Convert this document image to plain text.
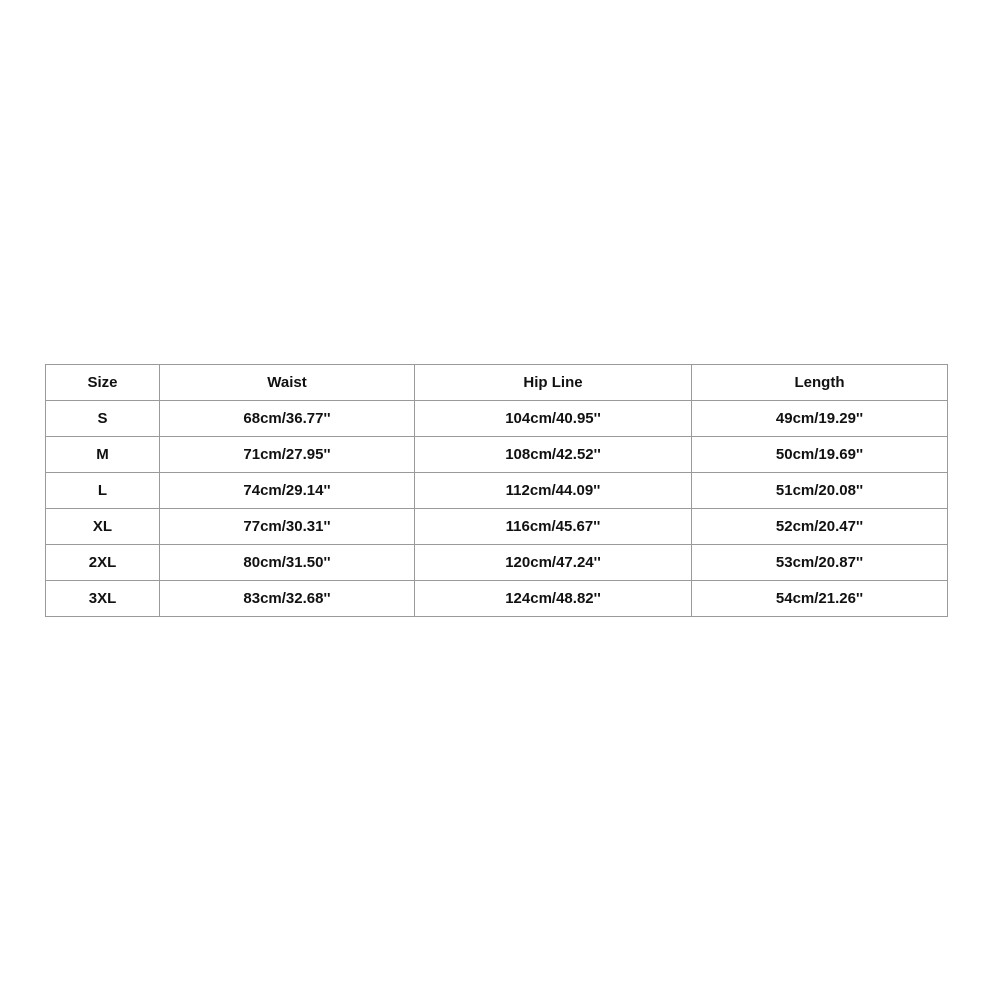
Size	Waist	Hip Line	Length
S	68cm/36.77''	104cm/40.95''	49cm/19.29''
M	71cm/27.95''	108cm/42.52''	50cm/19.69''
L	74cm/29.14''	112cm/44.09''	51cm/20.08''
XL	77cm/30.31''	116cm/45.67''	52cm/20.47''
2XL	80cm/31.50''	120cm/47.24''	53cm/20.87''
3XL	83cm/32.68''	124cm/48.82''	54cm/21.26''
